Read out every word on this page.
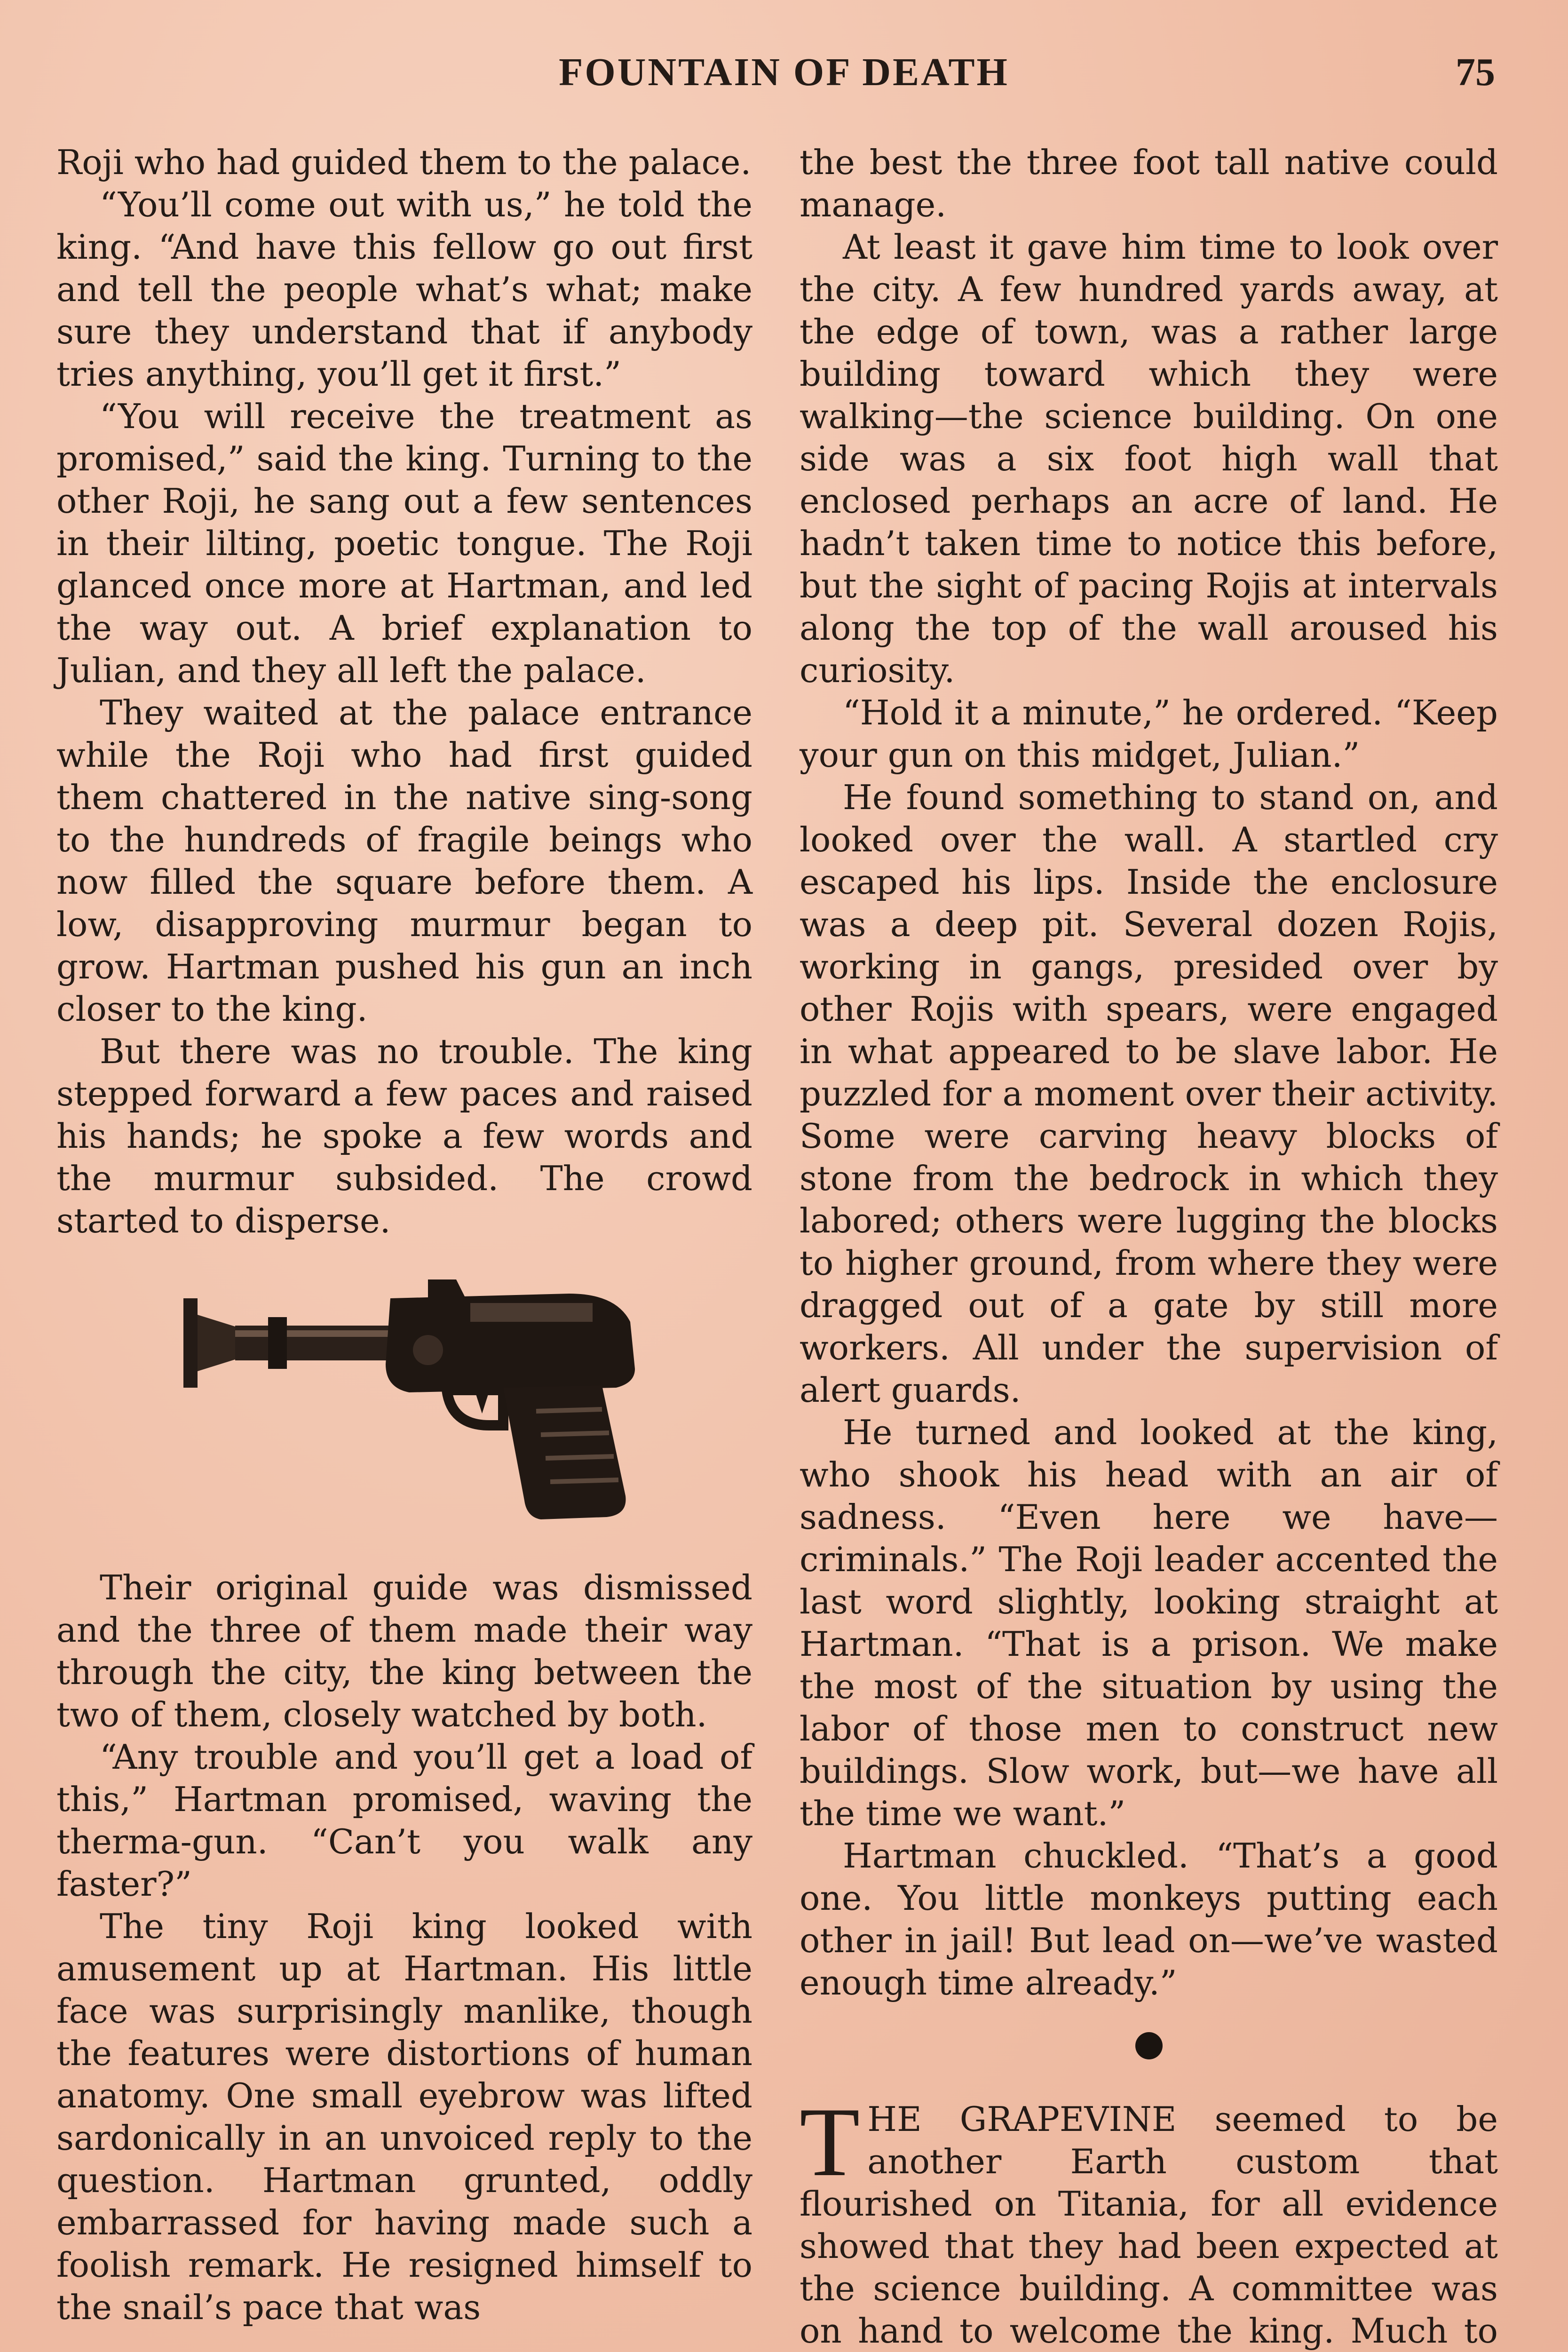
FOUNTAIN OF DEATH	75

Roji who had guided them to the palace.

“You’ll come out with us,” he told the king. “And have this fellow go out first and tell the people what’s what; make sure they understand that if anybody tries anything, you’ll get it first.”

“You will receive the treatment as promised,” said the king. Turning to the other Roji, he sang out a few sentences in their lilting, poetic tongue. The Roji glanced once more at Hartman, and led the way out. A brief explanation to Julian, and they all left the palace.

They waited at the palace entrance while the Roji who had first guided them chattered in the native sing-song to the hundreds of fragile beings who now filled the square before them. A low, disapproving murmur began to grow. Hartman pushed his gun an inch closer to the king.

But there was no trouble. The king stepped forward a few paces and raised his hands; he spoke a few words and the murmur subsided. The crowd started to disperse.

Their original guide was dismissed and the three of them made their way through the city, the king between the two of them, closely watched by both.

“Any trouble and you’ll get a load of this,” Hartman promised, waving the therma-gun. “Can’t you walk any faster?”

The tiny Roji king looked with amusement up at Hartman. His little face was surprisingly manlike, though the features were distortions of human anatomy. One small eyebrow was lifted sardonically in an unvoiced reply to the question. Hartman grunted, oddly embarrassed for having made such a foolish remark. He resigned himself to the snail’s pace that was

the best the three foot tall native could manage.

At least it gave him time to look over the city. A few hundred yards away, at the edge of town, was a rather large building toward which they were walking—the science building. On one side was a six foot high wall that enclosed perhaps an acre of land. He hadn’t taken time to notice this before, but the sight of pacing Rojis at intervals along the top of the wall aroused his curiosity.

“Hold it a minute,” he ordered. “Keep your gun on this midget, Julian.”

He found something to stand on, and looked over the wall. A startled cry escaped his lips. Inside the enclosure was a deep pit. Several dozen Rojis, working in gangs, presided over by other Rojis with spears, were engaged in what appeared to be slave labor. He puzzled for a moment over their activity. Some were carving heavy blocks of stone from the bedrock in which they labored; others were lugging the blocks to higher ground, from where they were dragged out of a gate by still more workers. All under the supervision of alert guards.

He turned and looked at the king, who shook his head with an air of sadness. “Even here we have—criminals.” The Roji leader accented the last word slightly, looking straight at Hartman. “That is a prison. We make the most of the situation by using the labor of those men to construct new buildings. Slow work, but—we have all the time we want.”

Hartman chuckled. “That’s a good one. You little monkeys putting each other in jail! But lead on—we’ve wasted enough time already.”

THE GRAPEVINE seemed to be another Earth custom that flourished on Titania, for all evidence showed that they had been expected at the science building. A committee was on hand to welcome the king. Much to
